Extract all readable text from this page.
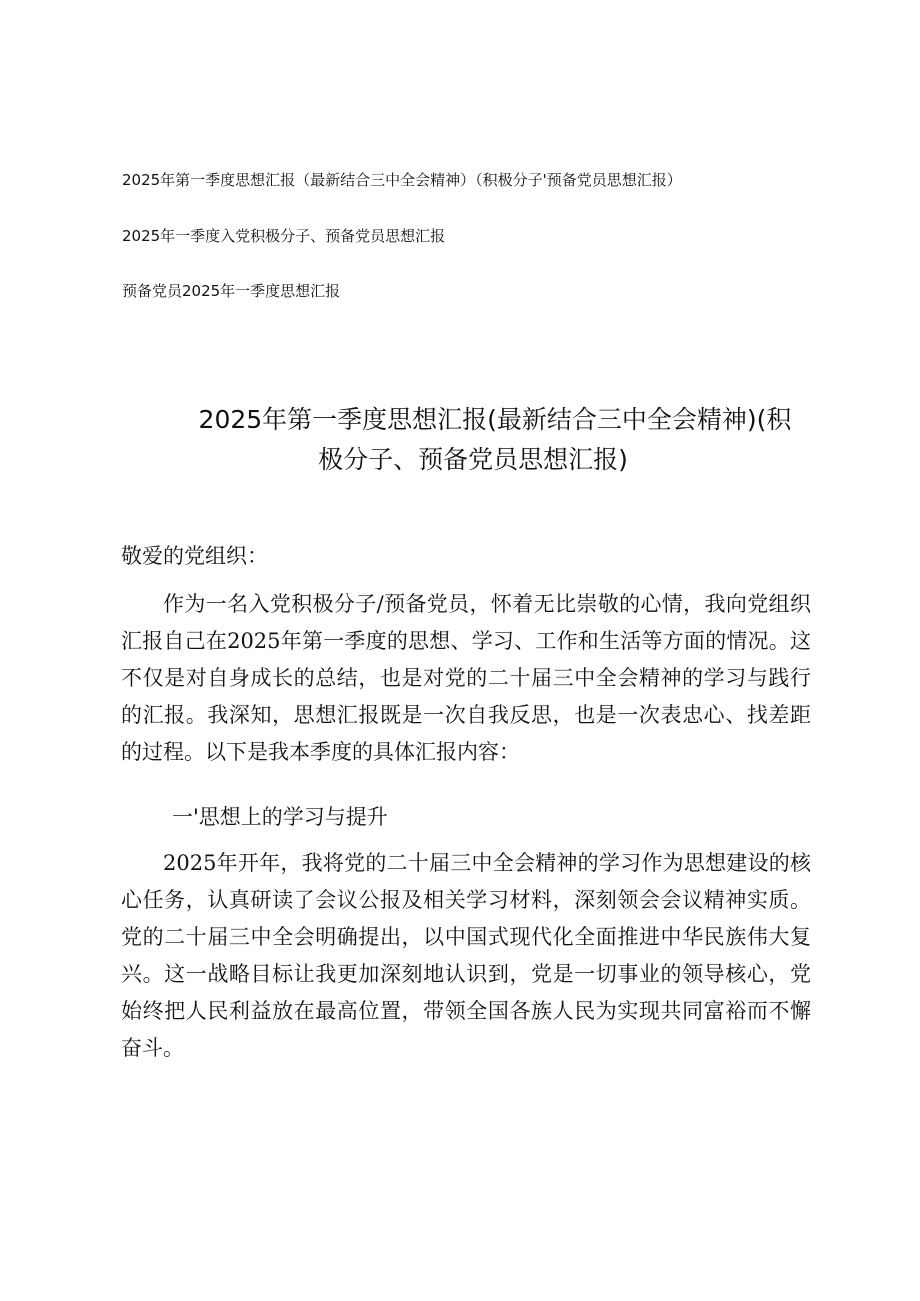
2025年第一季度思想汇报（最新结合三中全会精神）（积极分子'预备党员思想汇报）
2025年一季度入党积极分子、预备党员思想汇报
预备党员2025年一季度思想汇报
2025年第一季度思想汇报(最新结合三中全会精神)(积
极分子、预备党员思想汇报)
敬爱的党组织：
作为一名入党积极分子/预备党员，怀着无比崇敬的心情，我向党组织汇报自己在2025年第一季度的思想、学习、工作和生活等方面的情况。这不仅是对自身成长的总结，也是对党的二十届三中全会精神的学习与践行的汇报。我深知，思想汇报既是一次自我反思，也是一次表忠心、找差距的过程。以下是我本季度的具体汇报内容：
一'思想上的学习与提升
2025年开年，我将党的二十届三中全会精神的学习作为思想建设的核心任务，认真研读了会议公报及相关学习材料，深刻领会会议精神实质。党的二十届三中全会明确提出，以中国式现代化全面推进中华民族伟大复兴。这一战略目标让我更加深刻地认识到，党是一切事业的领导核心，党始终把人民利益放在最高位置，带领全国各族人民为实现共同富裕而不懈奋斗。
